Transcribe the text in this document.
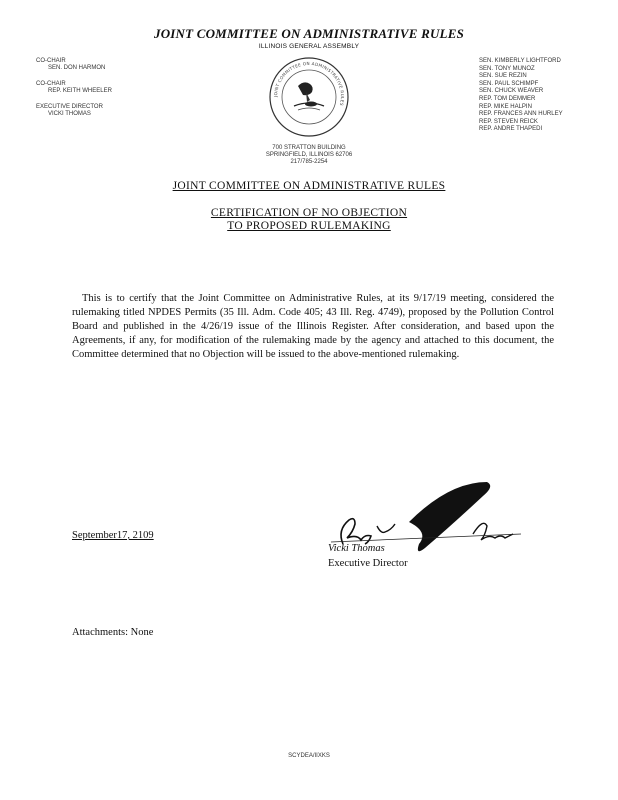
JOINT COMMITTEE ON ADMINISTRATIVE RULES
ILLINOIS GENERAL ASSEMBLY
CO-CHAIR
SEN. DON HARMON
CO-CHAIR
REP. KEITH WHEELER
EXECUTIVE DIRECTOR
VICKI THOMAS
SEN. KIMBERLY LIGHTFORD
SEN. TONY MUNOZ
SEN. SUE REZIN
SEN. PAUL SCHIMPF
SEN. CHUCK WEAVER
REP. TOM DEMMER
REP. MIKE HALPIN
REP. FRANCES ANN HURLEY
REP. STEVEN REICK
REP. ANDRE THAPEDI
JOINT COMMITTEE ON ADMINISTRATIVE RULES
700 STRATTON BUILDING
SPRINGFIELD, ILLINOIS 62706
217/785-2254
JOINT COMMITTEE ON ADMINISTRATIVE RULES
CERTIFICATION OF NO OBJECTION
TO PROPOSED RULEMAKING
This is to certify that the Joint Committee on Administrative Rules, at its 9/17/19 meeting, considered the rulemaking titled NPDES Permits (35 Ill. Adm. Code 405; 43 Ill. Reg. 4749), proposed by the Pollution Control Board and published in the 4/26/19 issue of the Illinois Register. After consideration, and based upon the Agreements, if any, for modification of the rulemaking made by the agency and attached to this document, the Committee determined that no Objection will be issued to the above-mentioned rulemaking.
September17, 2109
Vicki Thomas
Executive Director
Attachments: None
SCYDEA/IIXKS
